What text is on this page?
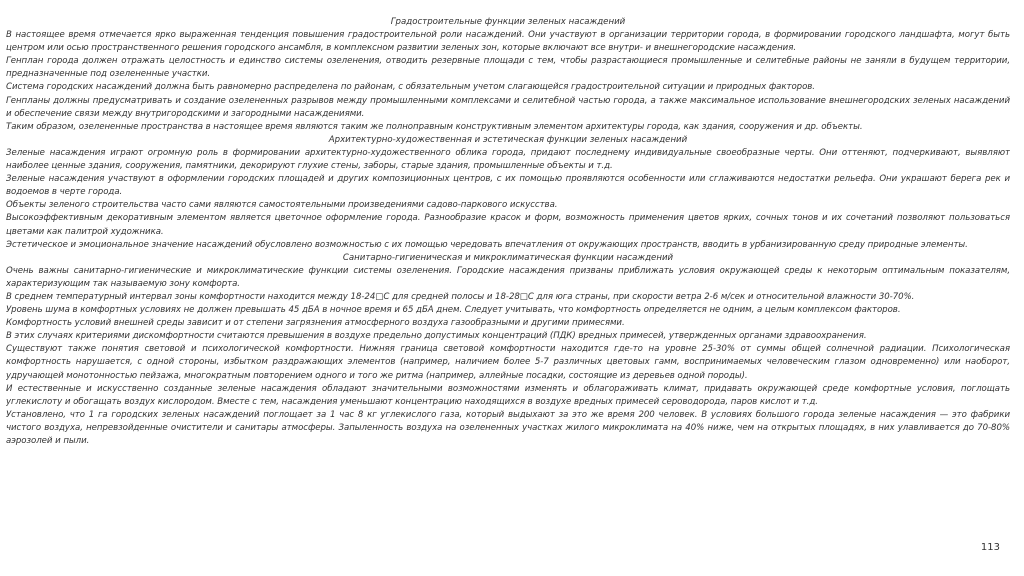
Градостроительные функции зеленых насаждений

В настоящее время отмечается ярко выраженная тенденция повышения градостроительной роли насаждений. Они участвуют в организации территории города, в формировании городского ландшафта, могут быть центром или осью пространственного решения городского ансамбля, в комплексном развитии зеленых зон, которые включают все внутри- и внешнегородские насаждения.

Генплан города должен отражать целостность и единство системы озеленения, отводить резервные площади с тем, чтобы разрастающиеся промышленные и селитебные районы не заняли в будущем территории, предназначенные под озелененные участки.

Система городских насаждений должна быть равномерно распределена по районам, с обязательным учетом слагающейся градостроительной ситуации и природных факторов.

Генпланы должны предусматривать и создание озелененных разрывов между промышленными комплексами и селитебной частью города, а также максимальное использование внешнегородских зеленых насаждений и обеспечение связи между внутригородскими и загородными насаждениями.

Таким образом, озелененные пространства в настоящее время являются таким же полноправным конструктивным элементом архитектуры города, как здания, сооружения и др. объекты.

Архитектурно-художественная и эстетическая функции зеленых насаждений

Зеленые насаждения играют огромную роль в формировании архитектурно-художественного облика города, придают последнему индивидуальные своеобразные черты. Они оттеняют, подчеркивают, выявляют наиболее ценные здания, сооружения, памятники, декорируют глухие стены, заборы, старые здания, промышленные объекты и т.д.

Зеленые насаждения участвуют в оформлении городских площадей и других композиционных центров, с их помощью проявляются особенности или сглаживаются недостатки рельефа. Они украшают берега рек и водоемов в черте города.

Объекты зеленого строительства часто сами являются самостоятельными произведениями садово-паркового искусства.

Высокоэффективным декоративным элементом является цветочное оформление города. Разнообразие красок и форм, возможность применения цветов ярких, сочных тонов и их сочетаний позволяют пользоваться цветами как палитрой художника.

Эстетическое и эмоциональное значение насаждений обусловлено возможностью с их помощью чередовать впечатления от окружающих пространств, вводить в урбанизированную среду природные элементы.

Санитарно-гигиеническая и микроклиматическая функции насаждений

Очень важны санитарно-гигиенические и микроклиматические функции системы озеленения. Городские насаждения призваны приближать условия окружающей среды к некоторым оптимальным показателям, характеризующим так называемую зону комфорта.

В среднем температурный интервал зоны комфортности находится между 18-24□С для средней полосы и 18-28□С для юга страны, при скорости ветра 2-6 м/сек и относительной влажности 30-70%.

Уровень шума в комфортных условиях не должен превышать 45 дБА в ночное время и 65 дБА днем. Следует учитывать, что комфортность определяется не одним, а целым комплексом факторов.

Комфортность условий внешней среды зависит и от степени загрязнения атмосферного воздуха газообразными и другими примесями.

В этих случаях критериями дискомфортности считаются превышения в воздухе предельно допустимых концентраций (ПДК) вредных примесей, утвержденных органами здравоохранения.

Существуют также понятия световой и психологической комфортности. Нижняя граница световой комфортности находится где-то на уровне 25-30% от суммы общей солнечной радиации. Психологическая комфортность нарушается, с одной стороны, избытком раздражающих элементов (например, наличием более 5-7 различных цветовых гамм, воспринимаемых человеческим глазом одновременно) или наоборот, удручающей монотонностью пейзажа, многократным повторением одного и того же ритма (например, аллейные посадки, состоящие из деревьев одной породы).

И естественные и искусственно созданные зеленые насаждения обладают значительными возможностями изменять и облагораживать климат, придавать окружающей среде комфортные условия, поглощать углекислоту и обогащать воздух кислородом. Вместе с тем, насаждения уменьшают концентрацию находящихся в воздухе вредных примесей сероводорода, паров кислот и т.д.

Установлено, что 1 га городских зеленых насаждений поглощает за 1 час 8 кг углекислого газа, который выдыхают за это же время 200 человек. В условиях большого города зеленые насаждения — это фабрики чистого воздуха, непревзойденные очистители и санитары атмосферы. Запыленность воздуха на озелененных участках жилого микроклимата на 40% ниже, чем на открытых площадях, в них улавливается до 70-80% аэрозолей и пыли.

113
